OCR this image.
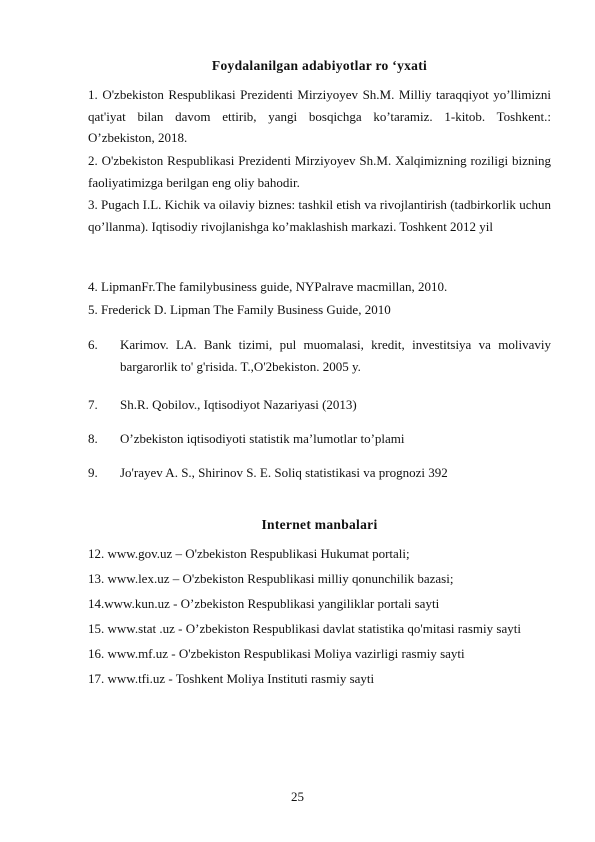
Foydalanilgan adabiyotlar ro ‘yxati
1. O'zbekiston Respublikasi Prezidenti Mirziyoyev Sh.M. Milliy taraqqiyot yo’llimizni qat'iyat bilan davom ettirib, yangi bosqichga ko’taramiz. 1-kitob. Toshkent.: O’zbekiston, 2018.
2. O'zbekiston Respublikasi Prezidenti Mirziyoyev Sh.M. Xalqimizning roziligi bizning faoliyatimizga berilgan eng oliy bahodir.
3. Pugach I.L. Kichik va oilaviy biznes: tashkil etish va rivojlantirish (tadbirkorlik uchun qo’llanma). Iqtisodiy rivojlanishga ko’maklashish markazi. Toshkent 2012 yil
4. LipmanFr.The familybusiness guide, NYPalrave macmillan, 2010.
5. Frederick D. Lipman The Family Business Guide, 2010
6. Karimov. LA. Bank tizimi, pul muomalasi, kredit, investitsiya va molivaviy bargarorlik to' g'risida. T.,O'2bekiston. 2005 y.
7. Sh.R. Qobilov., Iqtisodiyot Nazariyasi (2013)
8. O’zbekiston iqtisodiyoti statistik ma’lumotlar to’plami
9. Jo'rayev A. S., Shirinov S. E. Soliq statistikasi va prognozi 392
Internet manbalari
12. www.gov.uz – O'zbekiston Respublikasi Hukumat portali;
13. www.lex.uz – O'zbekiston Respublikasi milliy qonunchilik bazasi;
14.www.kun.uz - O’zbekiston Respublikasi yangiliklar portali sayti
15. www.stat .uz - O’zbekiston Respublikasi davlat statistika qo'mitasi rasmiy sayti
16. www.mf.uz - O'zbekiston Respublikasi Moliya vazirligi rasmiy sayti
17. www.tfi.uz - Toshkent Moliya Instituti rasmiy sayti
25
